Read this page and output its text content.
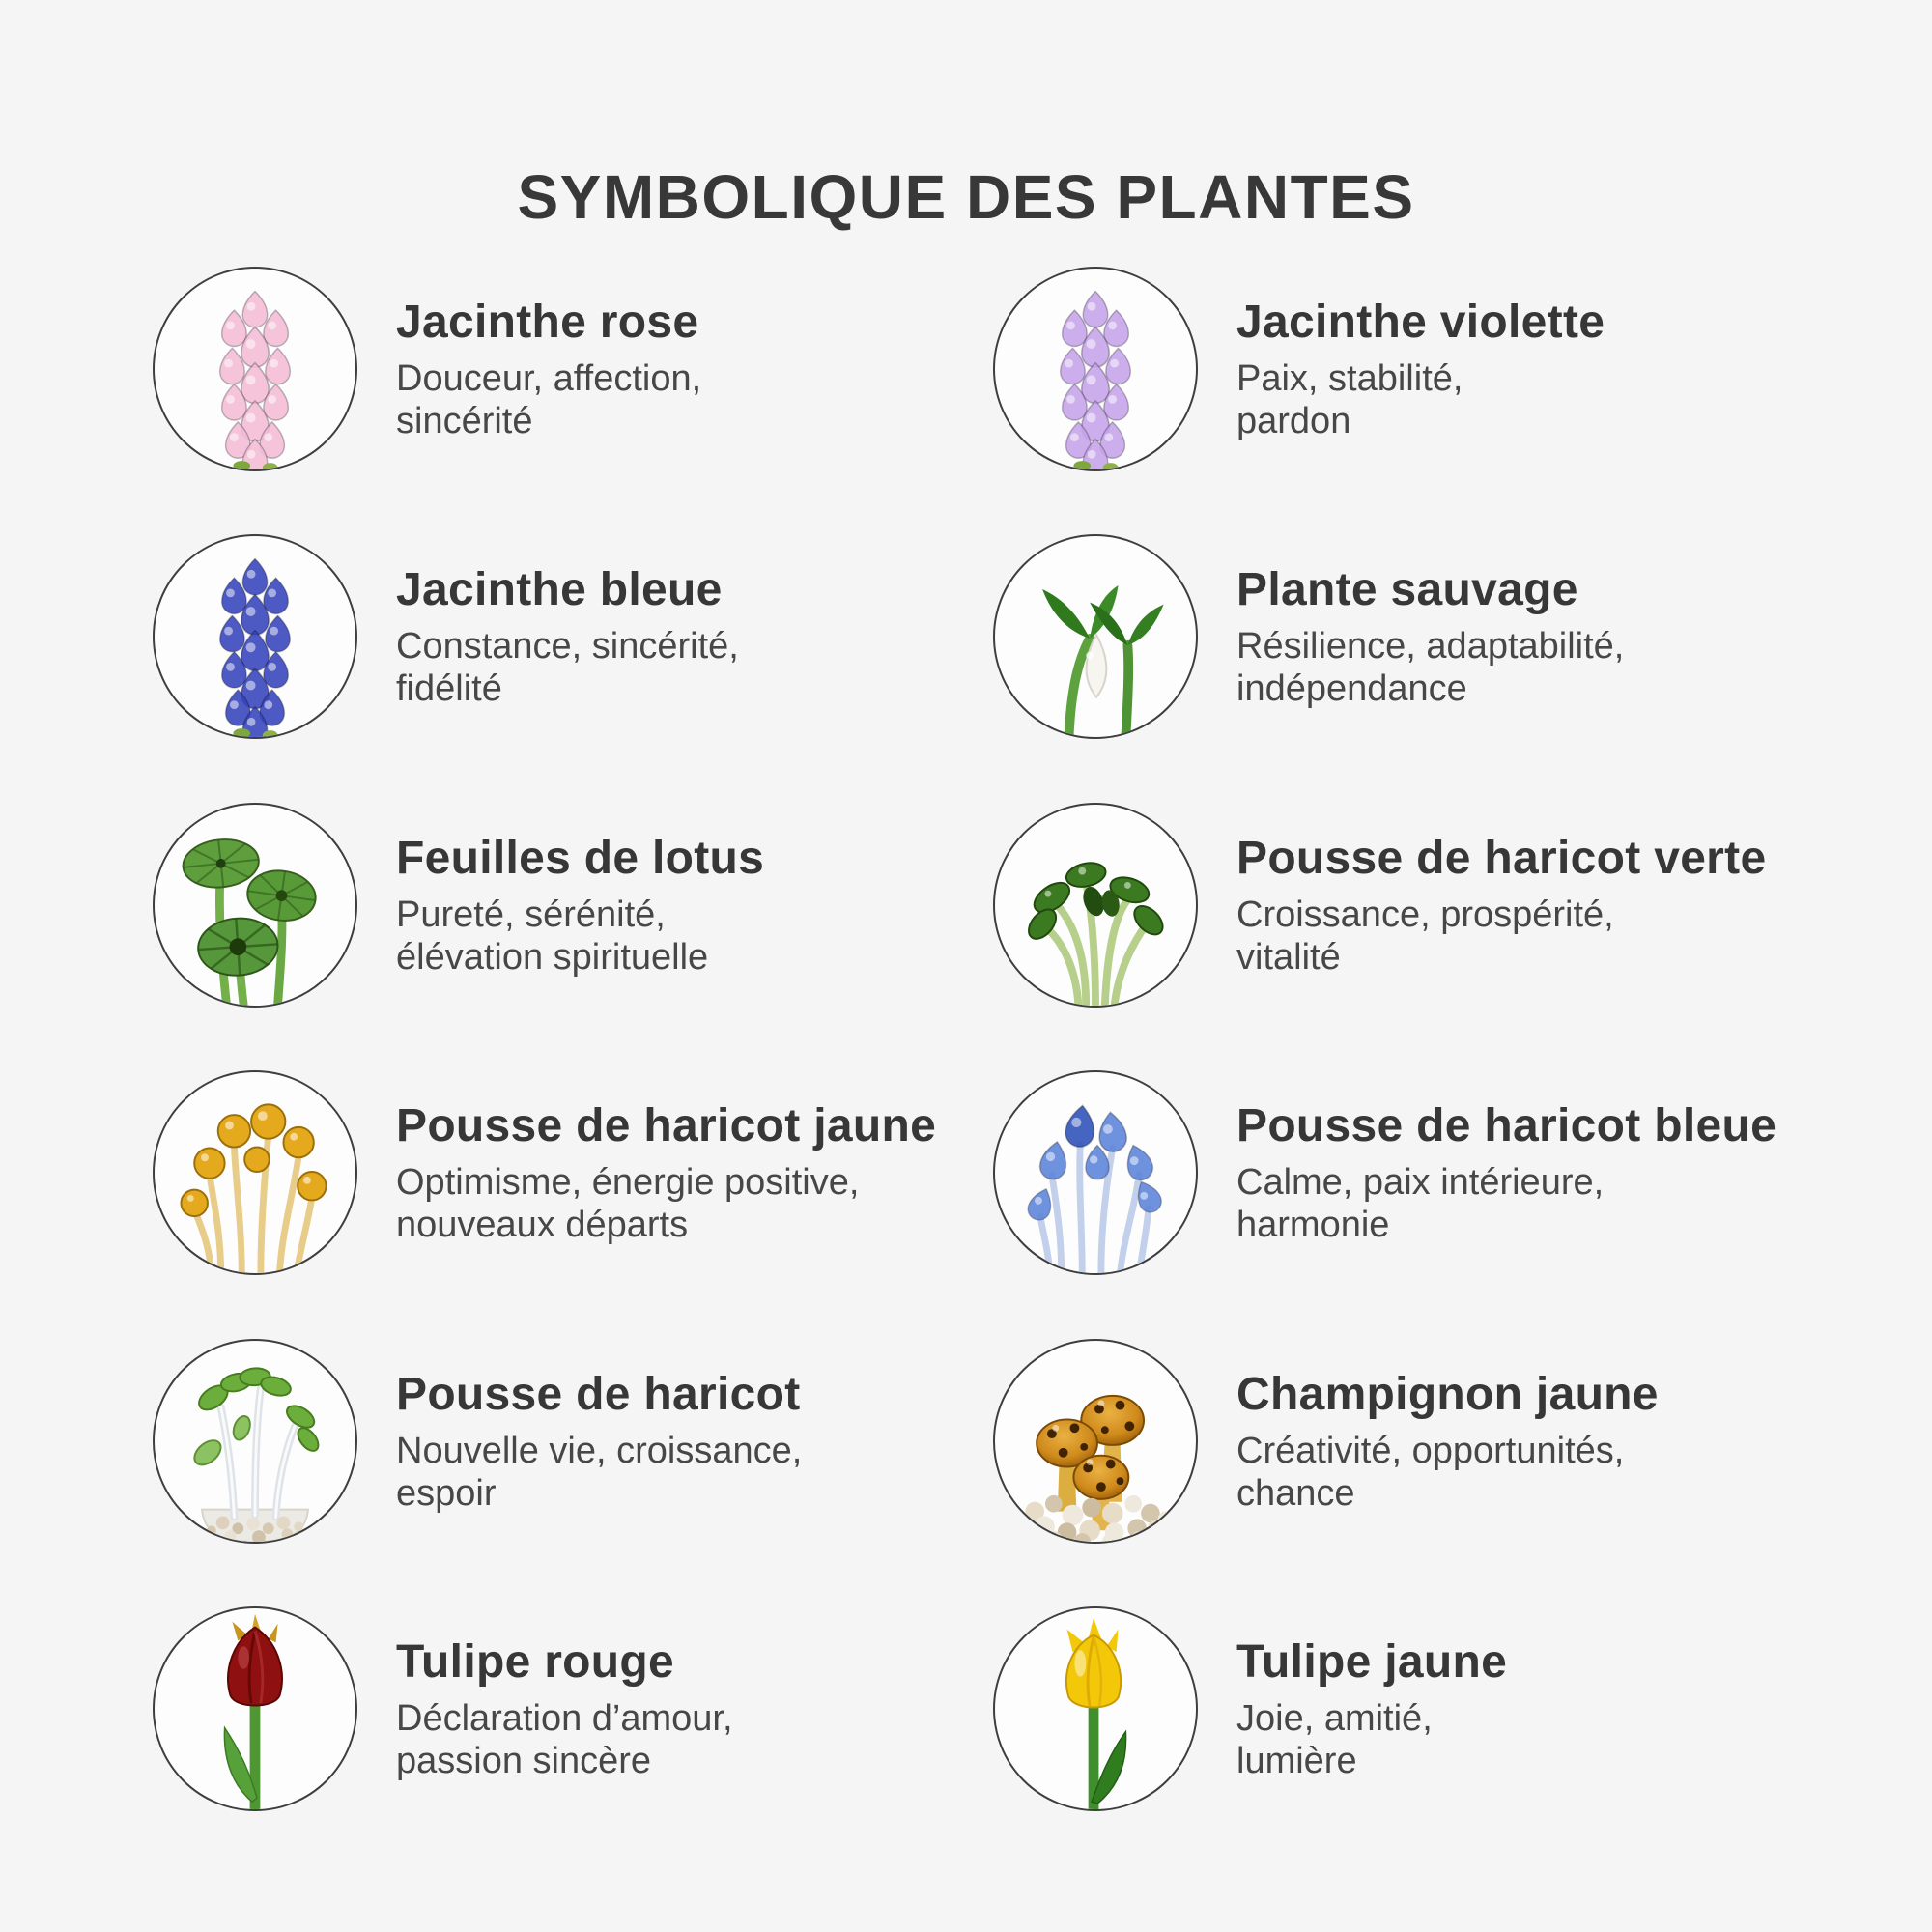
SYMBOLIQUE DES PLANTES
Jacinthe rose

Douceur, affection,

sincérité

Jacinthe violette

Paix, stabilité,

pardon

Jacinthe bleue

Constance, sincérité,

fidélité

Plante sauvage

Résilience, adaptabilité,

indépendance

Feuilles de lotus

Pureté, sérénité,

élévation spirituelle

Pousse de haricot verte

Croissance, prospérité,

vitalité

Pousse de haricot jaune

Optimisme, énergie positive,

nouveaux départs

Pousse de haricot bleue

Calme, paix intérieure,

harmonie

Pousse de haricot

Nouvelle vie, croissance,

espoir

Champignon jaune

Créativité, opportunités,

chance

Tulipe rouge

Déclaration d’amour,

passion sincère

Tulipe jaune

Joie, amitié,

lumière
